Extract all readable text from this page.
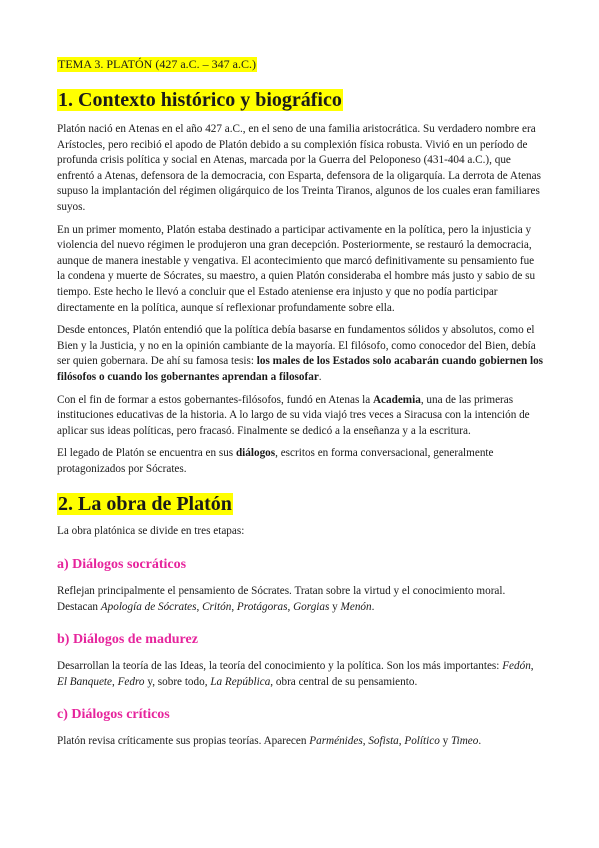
TEMA 3. PLATÓN (427 a.C. – 347 a.C.)
1. Contexto histórico y biográfico

Platón nació en Atenas en el año 427 a.C., en el seno de una familia aristocrática. Su verdadero nombre era Arístocles, pero recibió el apodo de Platón debido a su complexión física robusta. Vivió en un período de profunda crisis política y social en Atenas, marcada por la Guerra del Peloponeso (431-404 a.C.), que enfrentó a Atenas, defensora de la democracia, con Esparta, defensora de la oligarquía. La derrota de Atenas supuso la implantación del régimen oligárquico de los Treinta Tiranos, algunos de los cuales eran familiares suyos.

En un primer momento, Platón estaba destinado a participar activamente en la política, pero la injusticia y violencia del nuevo régimen le produjeron una gran decepción. Posteriormente, se restauró la democracia, aunque de manera inestable y vengativa. El acontecimiento que marcó definitivamente su pensamiento fue la condena y muerte de Sócrates, su maestro, a quien Platón consideraba el hombre más justo y sabio de su tiempo. Este hecho le llevó a concluir que el Estado ateniense era injusto y que no podía participar directamente en la política, aunque sí reflexionar profundamente sobre ella.

Desde entonces, Platón entendió que la política debía basarse en fundamentos sólidos y absolutos, como el Bien y la Justicia, y no en la opinión cambiante de la mayoría. El filósofo, como conocedor del Bien, debía ser quien gobernara. De ahí su famosa tesis: los males de los Estados solo acabarán cuando gobiernen los filósofos o cuando los gobernantes aprendan a filosofar.

Con el fin de formar a estos gobernantes-filósofos, fundó en Atenas la Academia, una de las primeras instituciones educativas de la historia. A lo largo de su vida viajó tres veces a Siracusa con la intención de aplicar sus ideas políticas, pero fracasó. Finalmente se dedicó a la enseñanza y a la escritura.

El legado de Platón se encuentra en sus diálogos, escritos en forma conversacional, generalmente protagonizados por Sócrates.

2. La obra de Platón

La obra platónica se divide en tres etapas:

a) Diálogos socráticos

Reflejan principalmente el pensamiento de Sócrates. Tratan sobre la virtud y el conocimiento moral. Destacan Apología de Sócrates, Critón, Protágoras, Gorgias y Menón.

b) Diálogos de madurez

Desarrollan la teoría de las Ideas, la teoría del conocimiento y la política. Son los más importantes: Fedón, El Banquete, Fedro y, sobre todo, La República, obra central de su pensamiento.

c) Diálogos críticos

Platón revisa críticamente sus propias teorías. Aparecen Parménides, Sofista, Político y Timeo.
